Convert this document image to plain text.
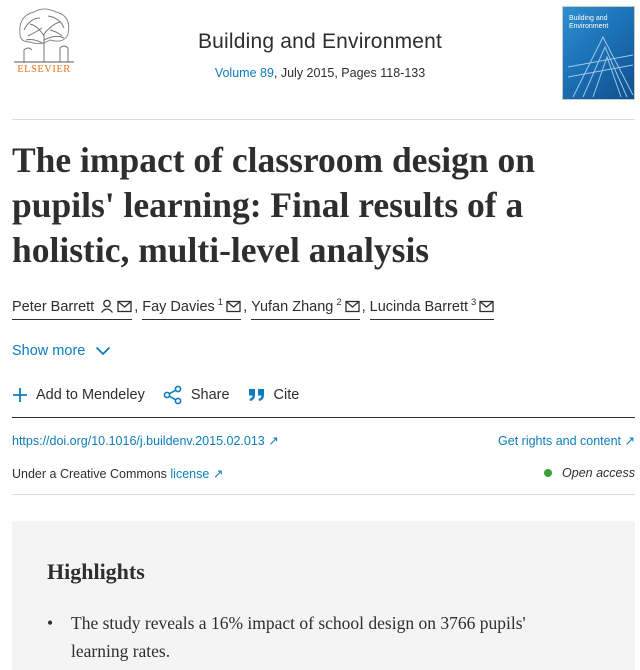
ELSEVIER
Building and Environment
Volume 89, July 2015, Pages 118-133
Building and Environment
The impact of classroom design on pupils' learning: Final results of a holistic, multi-level analysis
Peter Barrett	, Fay Davies $^1$ , Yufan Zhang $^2$ , Lucinda Barrett $^3$
Show more
Add to Mendeley	Share	Cite
https://doi.org/10.1016/j.buildenv.2015.02.013 ↗	Get rights and content ↗
Under a Creative Commons license ↗	Open access
Highlights
•	The study reveals a 16% impact of school design on 3766 pupils' learning rates.
